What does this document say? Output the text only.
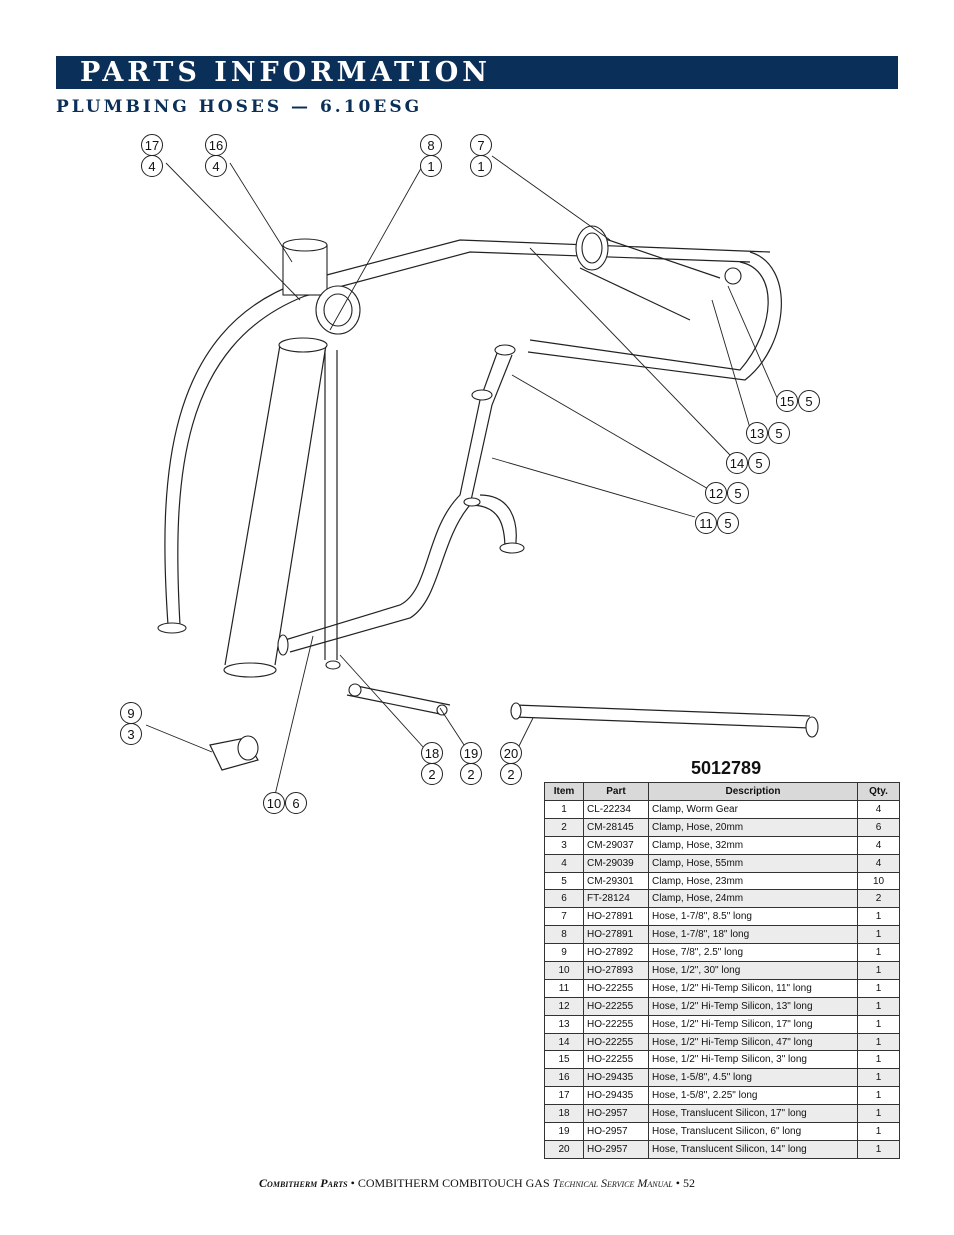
PARTS INFORMATION
PLUMBING HOSES — 6.10ESG
17
4
16
4
8
1
7
1
15 5
13 5
14 5
12 5
11 5
9
3
18
2
19
2
20
2
10 6
5012789
Item	Part	Description	Qty.
1	CL-22234	Clamp, Worm Gear	4
2	CM-28145	Clamp, Hose, 20mm	6
3	CM-29037	Clamp, Hose, 32mm	4
4	CM-29039	Clamp, Hose, 55mm	4
5	CM-29301	Clamp, Hose, 23mm	10
6	FT-28124	Clamp, Hose, 24mm	2
7	HO-27891	Hose, 1-7/8", 8.5" long	1
8	HO-27891	Hose, 1-7/8", 18" long	1
9	HO-27892	Hose, 7/8", 2.5" long	1
10	HO-27893	Hose, 1/2", 30" long	1
11	HO-22255	Hose, 1/2" Hi-Temp Silicon, 11" long	1
12	HO-22255	Hose, 1/2" Hi-Temp Silicon, 13" long	1
13	HO-22255	Hose, 1/2" Hi-Temp Silicon, 17" long	1
14	HO-22255	Hose, 1/2" Hi-Temp Silicon, 47" long	1
15	HO-22255	Hose, 1/2" Hi-Temp Silicon, 3" long	1
16	HO-29435	Hose, 1-5/8", 4.5" long	1
17	HO-29435	Hose, 1-5/8", 2.25" long	1
18	HO-2957	Hose, Translucent Silicon, 17" long	1
19	HO-2957	Hose, Translucent Silicon, 6" long	1
20	HO-2957	Hose, Translucent Silicon, 14" long	1
Combitherm Parts • COMBITHERM COMBITOUCH GAS Technical Service Manual • 52
